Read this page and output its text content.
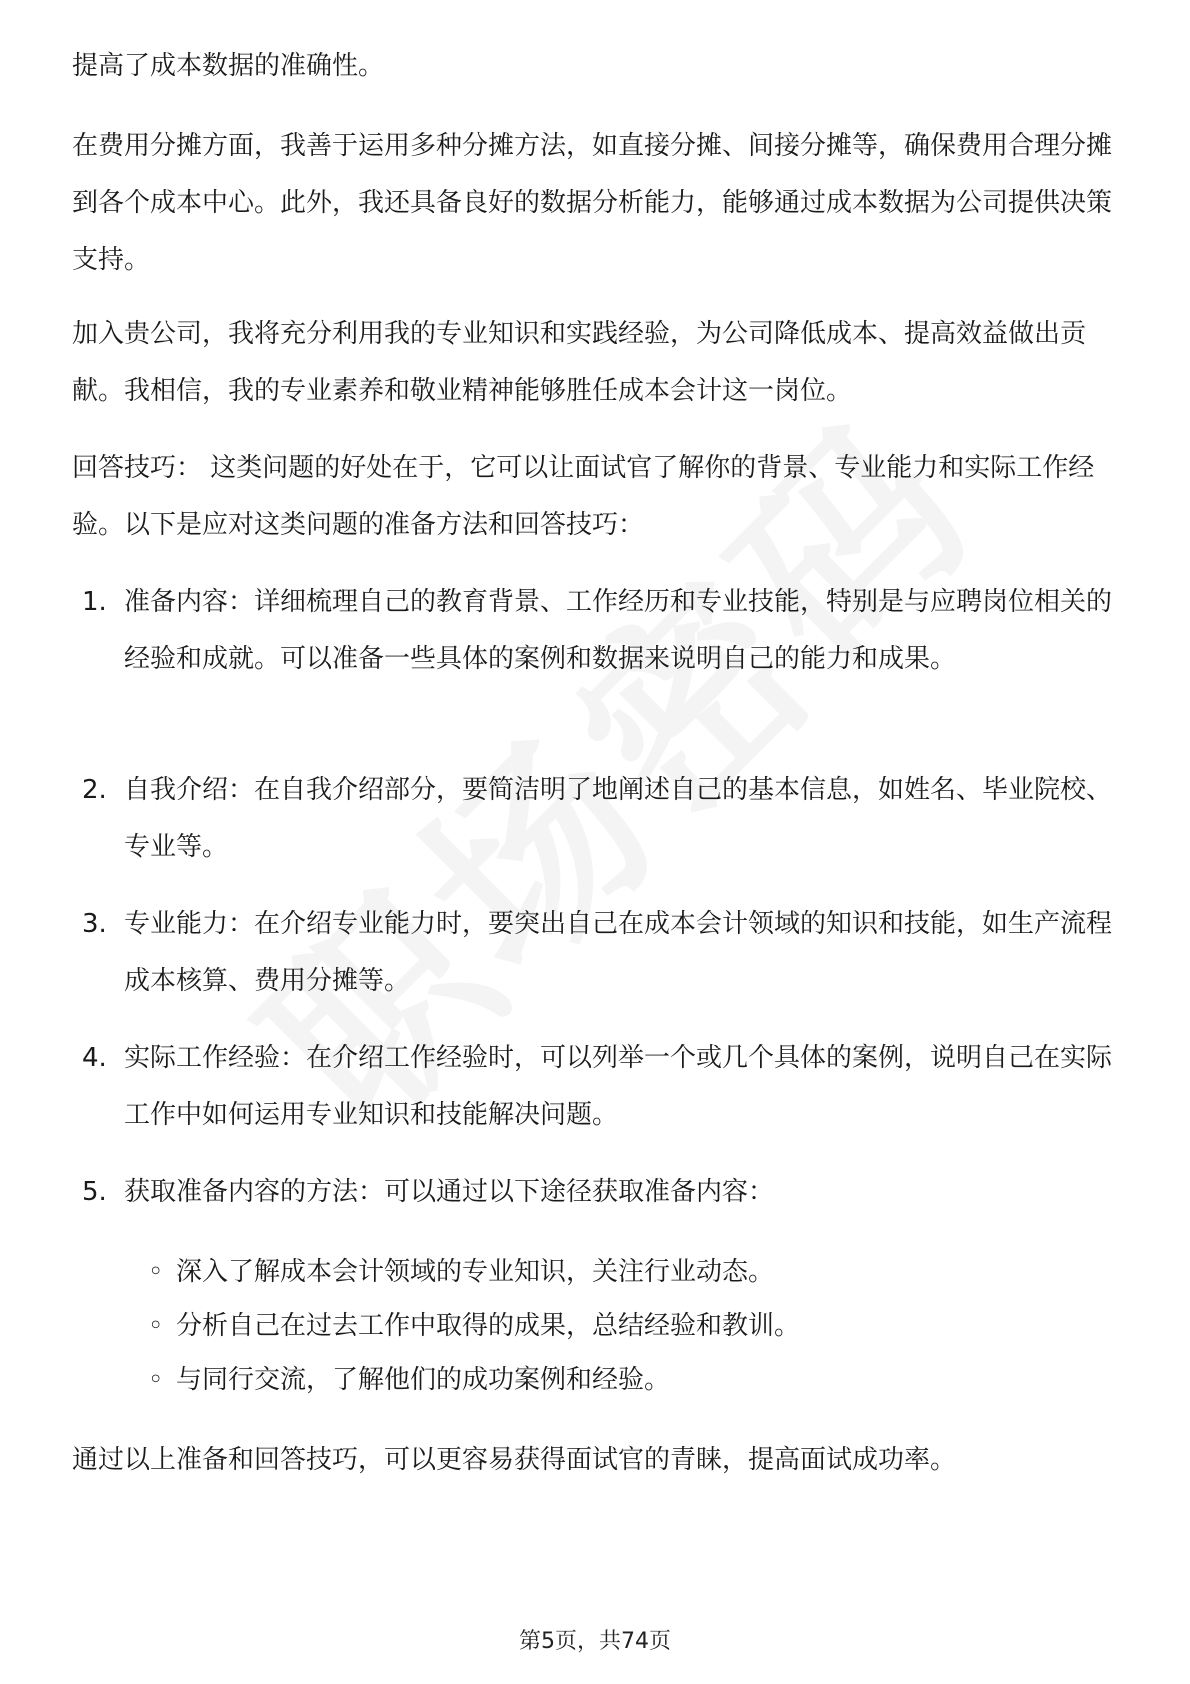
提高了成本数据的准确性。

在费用分摊方面，我善于运用多种分摊方法，如直接分摊、间接分摊等，确保费用合理分摊到各个成本中心。此外，我还具备良好的数据分析能力，能够通过成本数据为公司提供决策支持。

加入贵公司，我将充分利用我的专业知识和实践经验，为公司降低成本、提高效益做出贡献。我相信，我的专业素养和敬业精神能够胜任成本会计这一岗位。

回答技巧： 这类问题的好处在于，它可以让面试官了解你的背景、专业能力和实际工作经验。以下是应对这类问题的准备方法和回答技巧：

1. 准备内容：详细梳理自己的教育背景、工作经历和专业技能，特别是与应聘岗位相关的经验和成就。可以准备一些具体的案例和数据来说明自己的能力和成果。
2. 自我介绍：在自我介绍部分，要简洁明了地阐述自己的基本信息，如姓名、毕业院校、专业等。
3. 专业能力：在介绍专业能力时，要突出自己在成本会计领域的知识和技能，如生产流程成本核算、费用分摊等。
4. 实际工作经验：在介绍工作经验时，可以列举一个或几个具体的案例，说明自己在实际工作中如何运用专业知识和技能解决问题。
5. 获取准备内容的方法：可以通过以下途径获取准备内容：
◦ 深入了解成本会计领域的专业知识，关注行业动态。
◦ 分析自己在过去工作中取得的成果，总结经验和教训。
◦ 与同行交流，了解他们的成功案例和经验。

通过以上准备和回答技巧，可以更容易获得面试官的青睐，提高面试成功率。

第5页，共74页
